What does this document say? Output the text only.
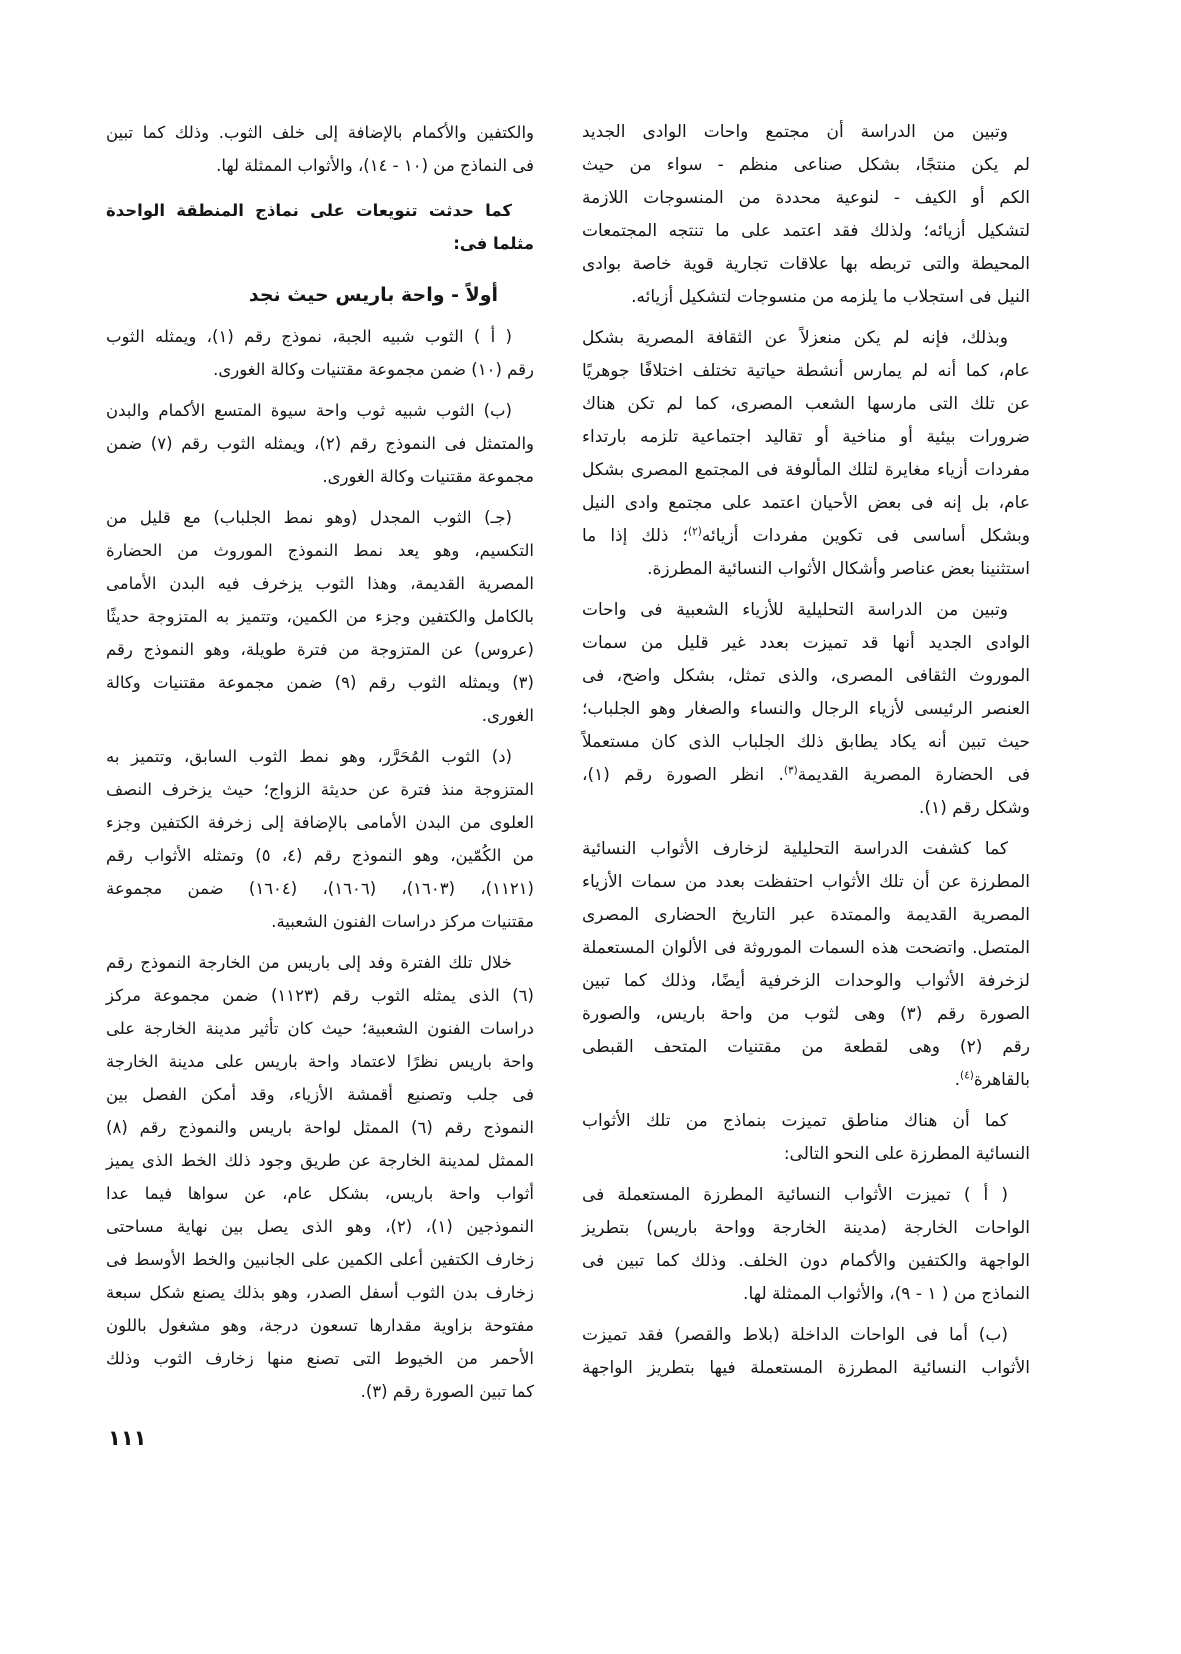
وتبين من الدراسة أن مجتمع واحات الوادى الجديد
لم يكن منتجًا، بشكل صناعى منظم - سواء من حيث
الكم أو الكيف - لنوعية محددة من المنسوجات اللازمة
لتشكيل أزيائه؛ ولذلك فقد اعتمد على ما تنتجه المجتمعات
المحيطة والتى تربطه بها علاقات تجارية قوية خاصة بوادى
النيل فى استجلاب ما يلزمه من منسوجات لتشكيل أزيائه.
وبذلك، فإنه لم يكن منعزلاً عن الثقافة المصرية بشكل
عام، كما أنه لم يمارس أنشطة حياتية تختلف اختلافًا جوهريًا
عن تلك التى مارسها الشعب المصرى، كما لم تكن هناك
ضرورات بيئية أو مناخية أو تقاليد اجتماعية تلزمه بارتداء
مفردات أزياء مغايرة لتلك المألوفة فى المجتمع المصرى بشكل
عام، بل إنه فى بعض الأحيان اعتمد على مجتمع وادى النيل
وبشكل أساسى فى تكوين مفردات أزيائه$^{(٢)}$؛ ذلك إذا ما
استثنينا بعض عناصر وأشكال الأثواب النسائية المطرزة.
وتبين من الدراسة التحليلية للأزياء الشعبية فى واحات
الوادى الجديد أنها قد تميزت بعدد غير قليل من سمات
الموروث الثقافى المصرى، والذى تمثل، بشكل واضح، فى
العنصر الرئيسى لأزياء الرجال والنساء والصغار وهو الجلباب؛
حيث تبين أنه يكاد يطابق ذلك الجلباب الذى كان مستعملاً
فى الحضارة المصرية القديمة$^{(٣)}$. انظر الصورة رقم (١)،
وشكل رقم (١).
كما كشفت الدراسة التحليلية لزخارف الأثواب النسائية
المطرزة عن أن تلك الأثواب احتفظت بعدد من سمات الأزياء
المصرية القديمة والممتدة عبر التاريخ الحضارى المصرى
المتصل. واتضحت هذه السمات الموروثة فى الألوان المستعملة
لزخرفة الأثواب والوحدات الزخرفية أيضًا، وذلك كما تبين
الصورة رقم (٣) وهى لثوب من واحة باريس، والصورة
رقم (٢) وهى لقطعة من مقتنيات المتحف القبطى
بالقاهرة$^{(٤)}$.
كما أن هناك مناطق تميزت بنماذج من تلك الأثواب
النسائية المطرزة على النحو التالى:
( أ ) تميزت الأثواب النسائية المطرزة المستعملة فى
الواحات الخارجة (مدينة الخارجة وواحة باريس) بتطريز
الواجهة والكتفين والأكمام دون الخلف. وذلك كما تبين فى
النماذج من ( ١ - ٩)، والأثواب الممثلة لها.
(ب) أما فى الواحات الداخلة (بلاط والقصر) فقد تميزت
الأثواب النسائية المطرزة المستعملة فيها بتطريز الواجهة
والكتفين والأكمام بالإضافة إلى خلف الثوب. وذلك كما تبين
فى النماذج من (١٠ - ١٤)، والأثواب الممثلة لها.
كما حدثت تنويعات على نماذج المنطقة الواحدة
مثلما فى:
أولاً - واحة باريس حيث نجد
( أ ) الثوب شبيه الجبة، نموذج رقم (١)، ويمثله الثوب
رقم (١٠) ضمن مجموعة مقتنيات وكالة الغورى.
(ب) الثوب شبيه ثوب واحة سيوة المتسع الأكمام والبدن
والمتمثل فى النموذج رقم (٢)، ويمثله الثوب رقم (٧) ضمن
مجموعة مقتنيات وكالة الغورى.
(جـ) الثوب المجدل (وهو نمط الجلباب) مع قليل من
التكسيم، وهو يعد نمط النموذج الموروث من الحضارة
المصرية القديمة، وهذا الثوب يزخرف فيه البدن الأمامى
بالكامل والكتفين وجزء من الكمين، وتتميز به المتزوجة حديثًا
(عروس) عن المتزوجة من فترة طويلة، وهو النموذج رقم
(٣) ويمثله الثوب رقم (٩) ضمن مجموعة مقتنيات وكالة
الغورى.
(د) الثوب المُحَرَّر، وهو نمط الثوب السابق، وتتميز به
المتزوجة منذ فترة عن حديثة الزواج؛ حيث يزخرف النصف
العلوى من البدن الأمامى بالإضافة إلى زخرفة الكتفين وجزء
من الكُمّين، وهو النموذج رقم (٤، ٥) وتمثله الأثواب رقم
(١١٢١)، (١٦٠٣)، (١٦٠٦)، (١٦٠٤) ضمن مجموعة
مقتنيات مركز دراسات الفنون الشعبية.
خلال تلك الفترة وفد إلى باريس من الخارجة النموذج رقم
(٦) الذى يمثله الثوب رقم (١١٢٣) ضمن مجموعة مركز
دراسات الفنون الشعبية؛ حيث كان تأثير مدينة الخارجة على
واحة باريس نظرًا لاعتماد واحة باريس على مدينة الخارجة
فى جلب وتصنيع أقمشة الأزياء، وقد أمكن الفصل بين
النموذج رقم (٦) الممثل لواحة باريس والنموذج رقم (٨)
الممثل لمدينة الخارجة عن طريق وجود ذلك الخط الذى يميز
أثواب واحة باريس، بشكل عام، عن سواها فيما عدا
النموذجين (١)، (٢)، وهو الذى يصل بين نهاية مساحتى
زخارف الكتفين أعلى الكمين على الجانبين والخط الأوسط فى
زخارف بدن الثوب أسفل الصدر، وهو بذلك يصنع شكل سبعة
مفتوحة بزاوية مقدارها تسعون درجة، وهو مشغول باللون
الأحمر من الخيوط التى تصنع منها زخارف الثوب وذلك
كما تبين الصورة رقم (٣).
١١١
